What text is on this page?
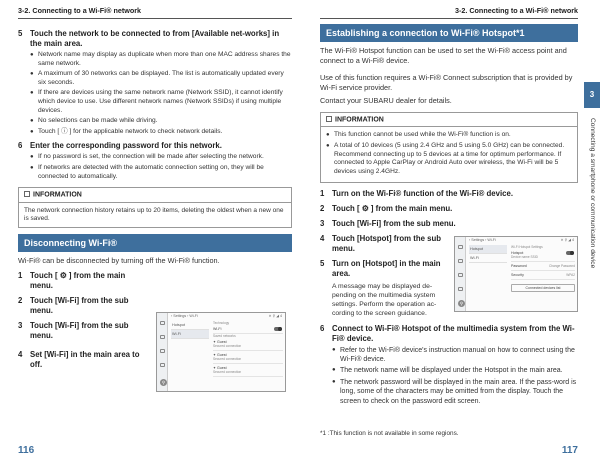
3-2. Connecting to a Wi-Fi® network
5 Touch the network to be connected to from [Available net-works] in the main area.
● Network name may display as duplicate when more than one MAC address shares the same network.
● A maximum of 30 networks can be displayed. The list is automatically updated every six seconds.
● If there are devices using the same network name (Network SSID), it cannot identify which device to use. Use different network names (Network SSIDs) if using multiple devices.
● No selections can be made while driving.
● Touch [ ⓘ ] for the applicable network to check network details.
6 Enter the corresponding password for this network.
● If no password is set, the connection will be made after selecting the network.
● If networks are detected with the automatic connection setting on, they will be connected to automatically.
INFORMATION
The network connection history retains up to 20 items, deleting the oldest when a new one is saved.
Disconnecting Wi-Fi®
Wi-Fi® can be disconnected by turning off the Wi-Fi® function.
1 Touch [ ⚙ ] from the main menu.
2 Touch [Wi-Fi] from the sub menu.
3 Touch [Wi-Fi] from the sub menu.
4 Set [Wi-Fi] in the main area to off.
⚲
‹ Settings › Wi-Fi	✕ ⚲ ◢ 4
Hotspot
Wi-Fi
Technology
Wi-Fi
Saved networks
✦ Guest
Secured connection
✦ Guest
Secured connection
✦ Guest
Secured connection
116
3-2. Connecting to a Wi-Fi® network
Establishing a connection to Wi-Fi® Hotspot*1
The Wi-Fi® Hotspot function can be used to set the Wi-Fi® access point and connect to a Wi-Fi® device.
Use of this function requires a Wi-Fi® Connect subscription that is provided by Wi-Fi service provider.
Contact your SUBARU dealer for details.
INFORMATION
● This function cannot be used while the Wi-Fi® function is on.
● A total of 10 devices (5 using 2.4 GHz and 5 using 5.0 GHz) can be connected. Recommend connecting up to 5 devices at a time for optimum performance. If connected to Apple CarPlay or Android Auto over wireless, the Wi-Fi will be 5 devices using 2.4GHz.
1 Turn on the Wi-Fi® function of the Wi-Fi® device.
2 Touch [ ⚙ ] from the main menu.
3 Touch [Wi-Fi] from the sub menu.
4 Touch [Hotspot] from the sub menu.
5 Turn on [Hotspot] in the main area.
A message may be displayed de-pending on the multimedia system settings. Perform the operation ac-cording to the screen guidance.
6 Connect to Wi-Fi® Hotspot of the multimedia system from the Wi-Fi® device.
● Refer to the Wi-Fi® device's instruction manual on how to connect using the Wi-Fi® device.
● The network name will be displayed under the Hotspot in the main area.
● The network password will be displayed in the main area. If the pass-word is long, some of the characters may be omitted from the display. Touch the screen to check on the password edit screen.
⚲
‹ Settings › Wi-Fi	✕ ⚲ ◢ 4
Hotspot
Wi-Fi
Wi-Fi Hotspot Settings
Hotspot
Device name SSID
Password	Change Password
Security	WPA2
Connected devices list
*1 :This function is not available in some regions.
117
3
Connecting a smartphone or communication device
